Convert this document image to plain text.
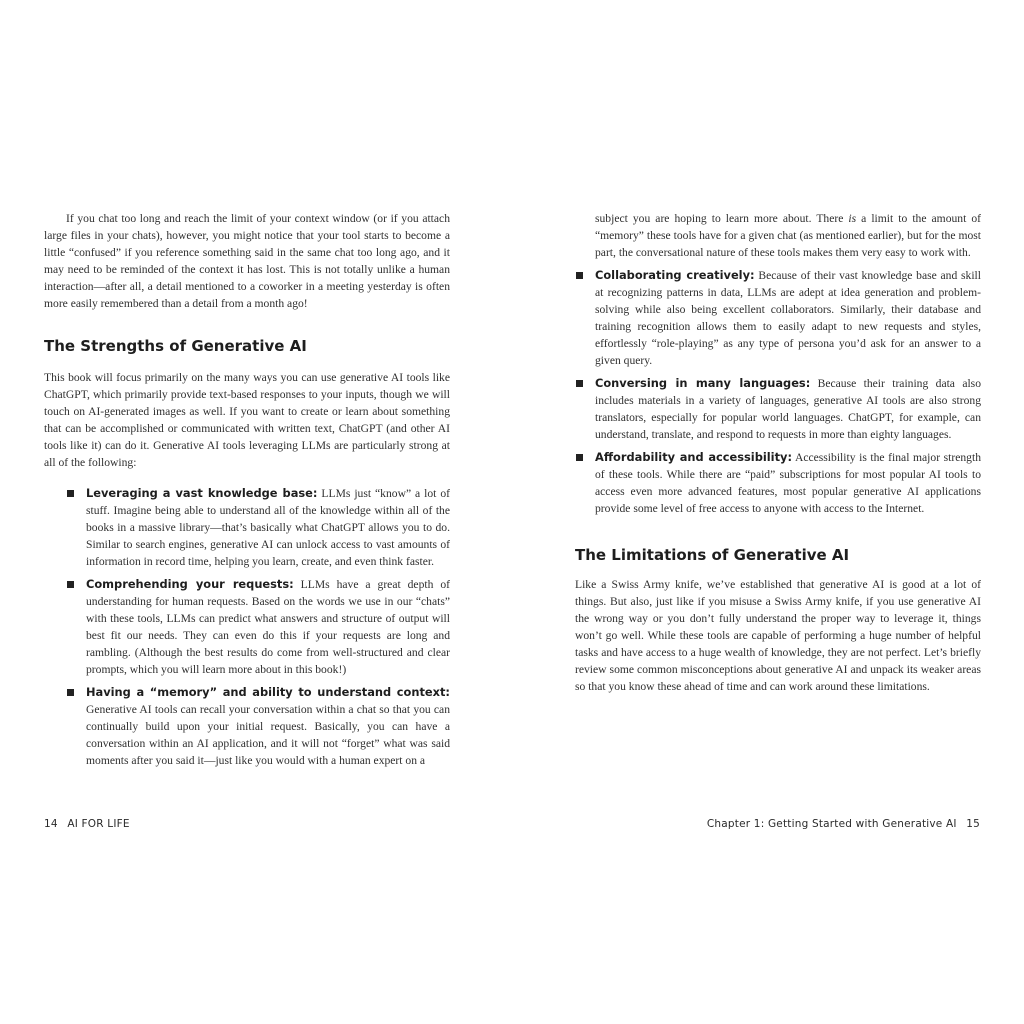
If you chat too long and reach the limit of your context window (or if you attach large files in your chats), however, you might notice that your tool starts to become a little “confused” if you reference something said in the same chat too long ago, and it may need to be reminded of the context it has lost. This is not totally unlike a human interaction—after all, a detail mentioned to a coworker in a meeting yesterday is often more easily remembered than a detail from a month ago!

The Strengths of Generative AI

This book will focus primarily on the many ways you can use generative AI tools like ChatGPT, which primarily provide text-based responses to your inputs, though we will touch on AI-generated images as well. If you want to create or learn about something that can be accomplished or communicated with written text, ChatGPT (and other AI tools like it) can do it. Generative AI tools leveraging LLMs are particularly strong at all of the following:

Leveraging a vast knowledge base: LLMs just “know” a lot of stuff. Imagine being able to understand all of the knowledge within all of the books in a massive library—that’s basically what ChatGPT allows you to do. Similar to search engines, generative AI can unlock access to vast amounts of information in record time, helping you learn, create, and even think faster.
Comprehending your requests: LLMs have a great depth of understanding for human requests. Based on the words we use in our “chats” with these tools, LLMs can predict what answers and structure of output will best fit our needs. They can even do this if your requests are long and rambling. (Although the best results do come from well-structured and clear prompts, which you will learn more about in this book!)
Having a “memory” and ability to understand context: Generative AI tools can recall your conversation within a chat so that you can continually build upon your initial request. Basically, you can have a conversation within an AI application, and it will not “forget” what was said moments after you said it—just like you would with a human expert on a

subject you are hoping to learn more about. There is a limit to the amount of “memory” these tools have for a given chat (as mentioned earlier), but for the most part, the conversational nature of these tools makes them very easy to work with.

Collaborating creatively: Because of their vast knowledge base and skill at recognizing patterns in data, LLMs are adept at idea generation and problem-solving while also being excellent collaborators. Similarly, their database and training recognition allows them to easily adapt to new requests and styles, effortlessly “role-playing” as any type of persona you’d ask for an answer to a given query.
Conversing in many languages: Because their training data also includes materials in a variety of languages, generative AI tools are also strong translators, especially for popular world languages. ChatGPT, for example, can understand, translate, and respond to requests in more than eighty languages.
Affordability and accessibility: Accessibility is the final major strength of these tools. While there are “paid” subscriptions for most popular AI tools to access even more advanced features, most popular generative AI applications provide some level of free access to anyone with access to the Internet.
The Limitations of Generative AI

Like a Swiss Army knife, we’ve established that generative AI is good at a lot of things. But also, just like if you misuse a Swiss Army knife, if you use generative AI the wrong way or you don’t fully understand the proper way to leverage it, things won’t go well. While these tools are capable of performing a huge number of helpful tasks and have access to a huge wealth of knowledge, they are not perfect. Let’s briefly review some common misconceptions about generative AI and unpack its weaker areas so that you know these ahead of time and can work around these limitations.

14 AI FOR LIFE	Chapter 1: Getting Started with Generative AI 15
